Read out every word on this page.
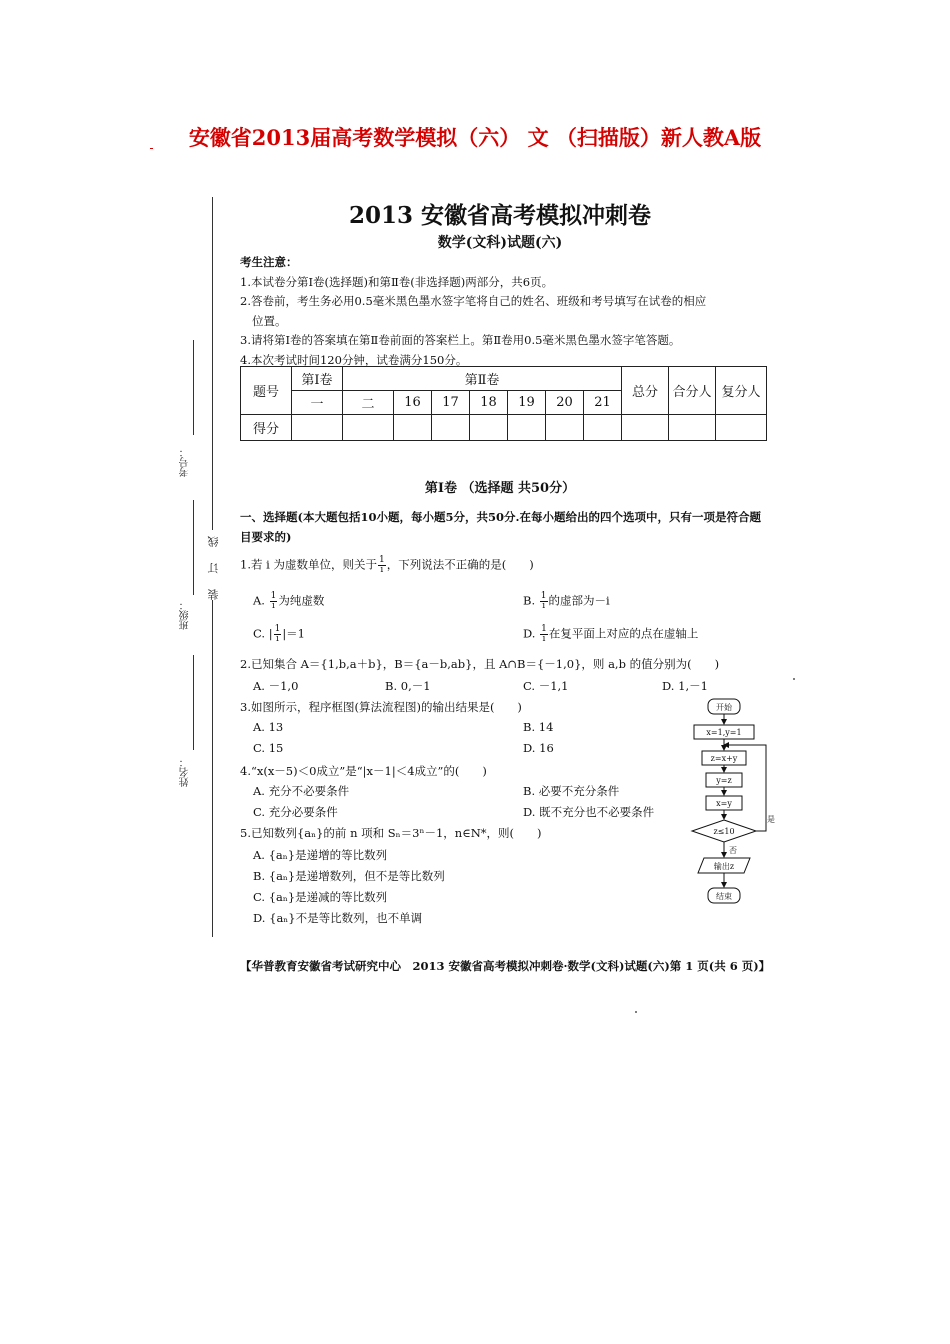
安徽省2013届高考数学模拟（六） 文 （扫描版）新人教A版
考号：
班级：
姓名：
装 订 线
2013 安徽省高考模拟冲刺卷
数学(文科)试题(六)
考生注意：
1.本试卷分第Ⅰ卷(选择题)和第Ⅱ卷(非选择题)两部分，共6页。
2.答卷前，考生务必用0.5毫米黑色墨水签字笔将自己的姓名、班级和考号填写在试卷的相应
位置。
3.请将第Ⅰ卷的答案填在第Ⅱ卷前面的答案栏上。第Ⅱ卷用0.5毫米黑色墨水签字笔答题。
4.本次考试时间120分钟，试卷满分150分。
题号	第Ⅰ卷	第Ⅱ卷							总分	合分人	复分人
	一	二	16	17	18	19	20	21			
得分											
第Ⅰ卷 （选择题 共50分）
一、选择题(本大题包括10小题，每小题5分，共50分.在每小题给出的四个选项中，只有一项是符合题目要求的)
1.若 i 为虚数单位，则关于 $\frac{1}{i}$ ，下列说法不正确的是(　　)
A. $\frac{1}{i}$ 为纯虚数	B. $\frac{1}{i}$ 的虚部为－i
C. | $\frac{1}{i} |=1$	D. $\frac{1}{i}$ 在复平面上对应的点在虚轴上
2.已知集合 A＝{1,b,a＋b}，B＝{a－b,ab}，且 A∩B＝{－1,0}，则 a,b 的值分别为(　　)
A. －1,0	B. 0,－1	C. －1,1	D. 1,－1
3.如图所示，程序框图(算法流程图)的输出结果是(　　)
A. 13	B. 14
C. 15	D. 16
4.“x(x－5)＜0成立”是“|x－1|＜4成立”的(　　)
A. 充分不必要条件	B. 必要不充分条件
C. 充分必要条件	D. 既不充分也不必要条件
5.已知数列{aₙ}的前 n 项和 Sₙ＝3ⁿ－1，n∈N*，则(　　)
A. {aₙ}是递增的等比数列
B. {aₙ}是递增数列，但不是等比数列
C. {aₙ}是递减的等比数列
D. {aₙ}不是等比数列，也不单调
开始
x=1,y=1
z=x+y
y=z
x=y
z≤10
是
否
输出z
结束
【华普教育安徽省考试研究中心　2013 安徽省高考模拟冲刺卷·数学(文科)试题(六)第 1 页(共 6 页)】
